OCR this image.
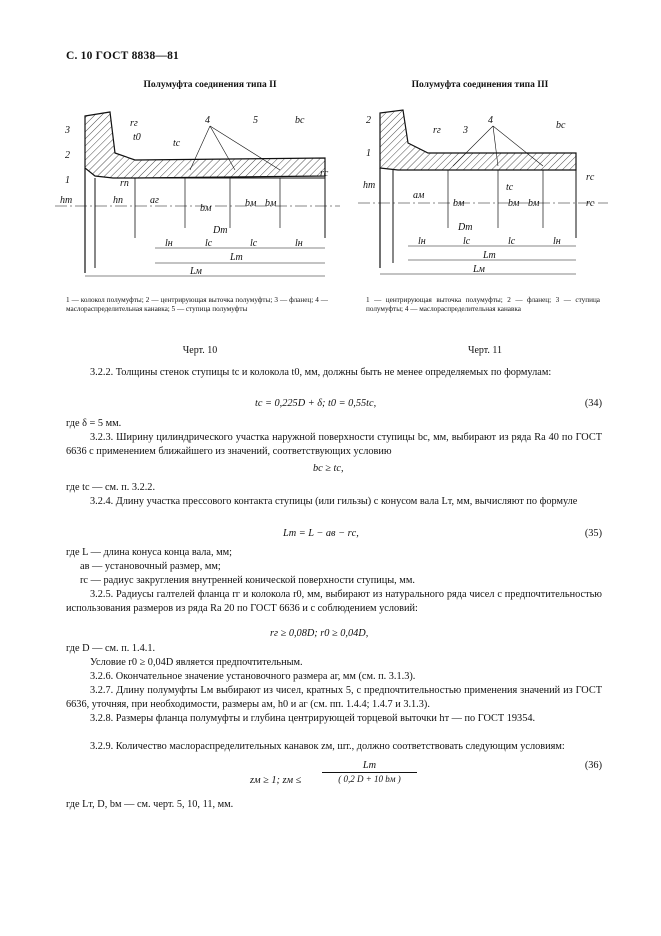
С. 10 ГОСТ 8838—81
Полумуфта соединения типа II
3
2
1
rг
t0
rп
tс
4	5	bс
rс
hт	hп	aг
bм	bм bм
Dт
lн	lс	lс	lн
Lт
Lм
1 — колокол полумуфты; 2 — центрирующая выточка полумуфты; 3 — фланец; 4 — маслораспределительная канавка; 5 — ступица полумуфты
Черт. 10
Полумуфта соединения типа III
2
1
rг 3
4	bс
rс
hт
aм
bм
tс
bм bм
Dт
rс
lн	lс	lс	lн
Lт
Lм
1 — центрирующая выточка полумуфты; 2 — фланец; 3 — ступица полумуфты; 4 — маслораспределительная канавка
Черт. 11
3.2.2. Толщины стенок ступицы tс и колокола t0, мм, должны быть не менее определяемых по формулам:
tс = 0,225D + δ; t0 = 0,55tс,	(34)
где δ = 5 мм.
3.2.3. Ширину цилиндрического участка наружной поверхности ступицы bс, мм, выбирают из ряда Ra 40 по ГОСТ 6636 с применением ближайшего из значений, соответствующих условию
bс ≥ tс,
где tс — см. п. 3.2.2.
3.2.4. Длину участка прессового контакта ступицы (или гильзы) с конусом вала Lт, мм, вычисляют по формуле
Lт = L − aв − rс,	(35)
где L — длина конуса конца вала, мм;
aв — установочный размер, мм;
rс — радиус закругления внутренней конической поверхности ступицы, мм.
3.2.5. Радиусы галтелей фланца rг и колокола r0, мм, выбирают из натурального ряда чисел с предпочтительностью использования размеров из ряда Ra 20 по ГОСТ 6636 и с соблюдением условий:
rг ≥ 0,08D; r0 ≥ 0,04D,
где D — см. п. 1.4.1.
Условие r0 ≥ 0,04D является предпочтительным.
3.2.6. Окончательное значение установочного размера aг, мм (см. п. 3.1.3).
3.2.7. Длину полумуфты Lм выбирают из чисел, кратных 5, с предпочтительностью применения значений из ГОСТ 6636, уточняя, при необходимости, размеры aм, h0 и aг (см. пп. 1.4.4; 1.4.7 и 3.1.3).
3.2.8. Размеры фланца полумуфты и глубина центрирующей торцевой выточки hт — по ГОСТ 19354.
3.2.9. Количество маслораспределительных канавок zм, шт., должно соответствовать следующим условиям:
zм ≥ 1; zм ≤
Lт
( 0,2 D + 10 bм )
(36)
где Lт, D, bм — см. черт. 5, 10, 11, мм.
